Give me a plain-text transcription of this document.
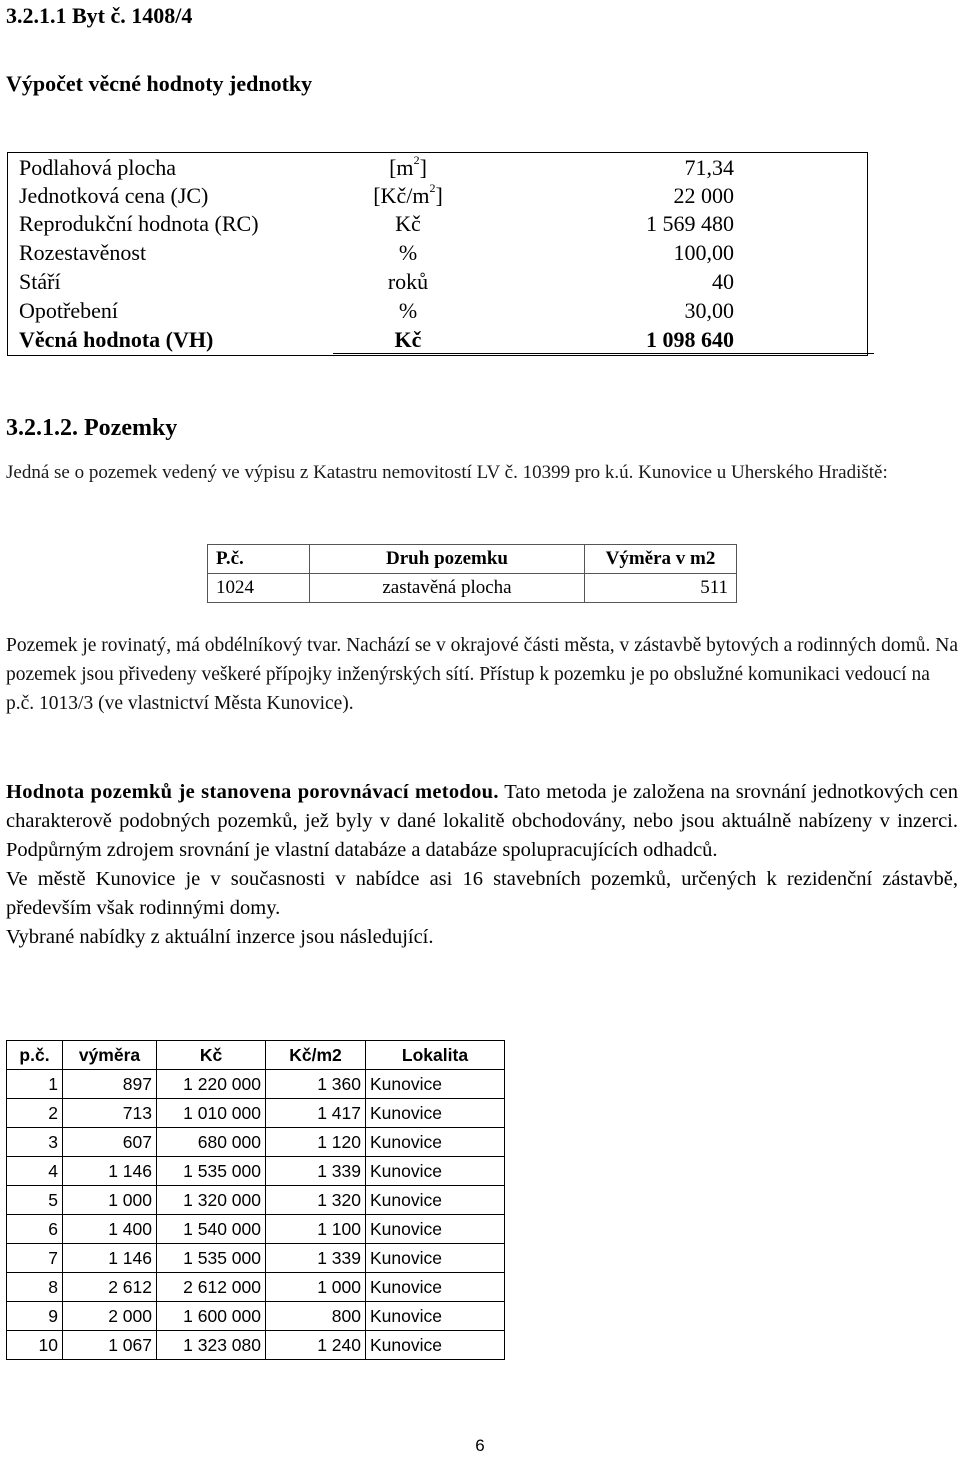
3.2.1.1 Byt č. 1408/4
Výpočet věcné hodnoty jednotky
Podlahová plocha	$[m^2]$	71,34
Jednotková cena (JC)	$[Kč/m^2]$	22 000
Reprodukční hodnota (RC)	Kč	1 569 480
Rozestavěnost	%	100,00
Stáří	roků	40
Opotřebení	%	30,00
Věcná hodnota (VH)	Kč	1 098 640
3.2.1.2. Pozemky
Jedná se o pozemek vedený ve výpisu z Katastru nemovitostí LV č. 10399 pro k.ú. Kunovice u Uherského Hradiště:
P.č.	Druh pozemku	Výměra v m2
1024	zastavěná plocha	511
Pozemek je rovinatý, má obdélníkový tvar. Nachází se v okrajové části města, v zástavbě bytových a rodinných domů. Na pozemek jsou přivedeny veškeré přípojky inženýrských sítí. Přístup k pozemku je po obslužné komunikaci vedoucí na p.č. 1013/3 (ve vlastnictví Města Kunovice).
Hodnota pozemků je stanovena porovnávací metodou. Tato metoda je založena na srovnání jednotkových cen charakterově podobných pozemků, jež byly v dané lokalitě obchodovány, nebo jsou aktuálně nabízeny v inzerci. Podpůrným zdrojem srovnání je vlastní databáze a databáze spolupracujících odhadců.
Ve městě Kunovice je v současnosti v nabídce asi 16 stavebních pozemků, určených k rezidenční zástavbě, především však rodinnými domy.
Vybrané nabídky z aktuální inzerce jsou následující.
p.č.	výměra	Kč	Kč/m2	Lokalita
1	897	1 220 000	1 360	Kunovice
2	713	1 010 000	1 417	Kunovice
3	607	680 000	1 120	Kunovice
4	1 146	1 535 000	1 339	Kunovice
5	1 000	1 320 000	1 320	Kunovice
6	1 400	1 540 000	1 100	Kunovice
7	1 146	1 535 000	1 339	Kunovice
8	2 612	2 612 000	1 000	Kunovice
9	2 000	1 600 000	800	Kunovice
10	1 067	1 323 080	1 240	Kunovice
6
